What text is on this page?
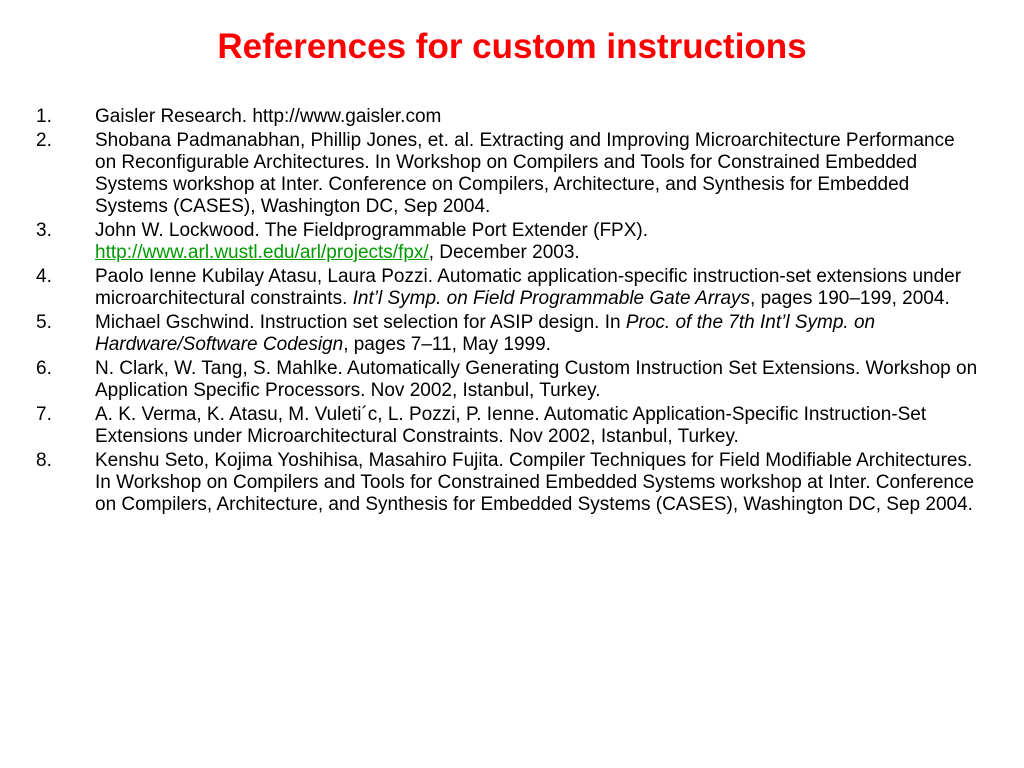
References for custom instructions
1. Gaisler Research. http://www.gaisler.com
2. Shobana Padmanabhan, Phillip Jones, et. al. Extracting and Improving Microarchitecture Performance on Reconfigurable Architectures. In Workshop on Compilers and Tools for Constrained Embedded Systems workshop at Inter. Conference on Compilers, Architecture, and Synthesis for Embedded Systems (CASES), Washington DC, Sep 2004.
3. John W. Lockwood. The Fieldprogrammable Port Extender (FPX). http://www.arl.wustl.edu/arl/projects/fpx/, December 2003.
4. Paolo Ienne Kubilay Atasu, Laura Pozzi. Automatic application-specific instruction-set extensions under microarchitectural constraints. Int’l Symp. on Field Programmable Gate Arrays, pages 190–199, 2004.
5. Michael Gschwind. Instruction set selection for ASIP design. In Proc. of the 7th Int’l Symp. on Hardware/Software Codesign, pages 7–11, May 1999.
6. N. Clark, W. Tang, S. Mahlke. Automatically Generating Custom Instruction Set Extensions. Workshop on Application Specific Processors. Nov 2002, Istanbul, Turkey.
7. A. K. Verma, K. Atasu, M. Vuleti´c, L. Pozzi, P. Ienne. Automatic Application-Specific Instruction-Set Extensions under Microarchitectural Constraints. Nov 2002, Istanbul, Turkey.
8. Kenshu Seto, Kojima Yoshihisa, Masahiro Fujita. Compiler Techniques for Field Modifiable Architectures. In Workshop on Compilers and Tools for Constrained Embedded Systems workshop at Inter. Conference on Compilers, Architecture, and Synthesis for Embedded Systems (CASES), Washington DC, Sep 2004.
